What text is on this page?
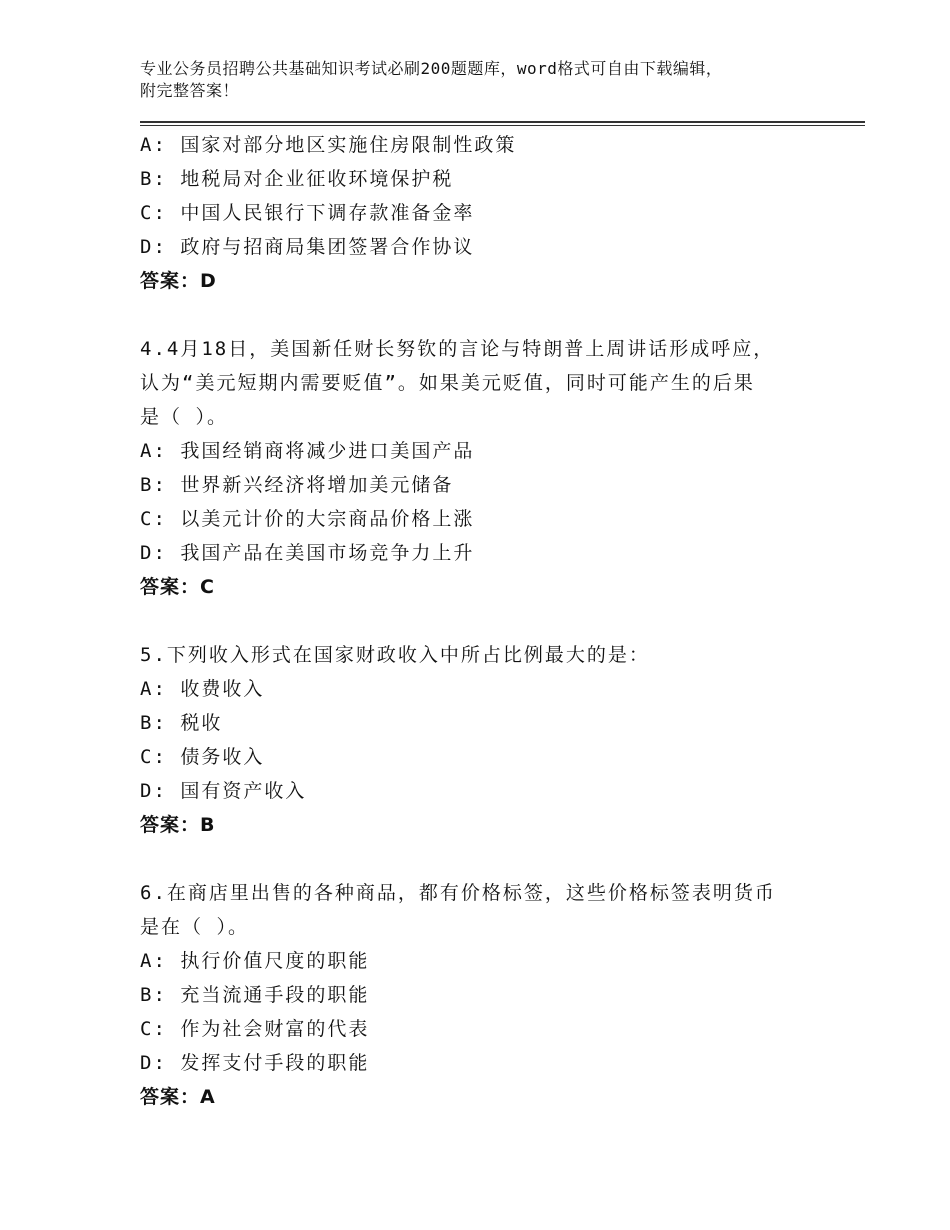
专业公务员招聘公共基础知识考试必刷200题题库，word格式可自由下载编辑，
附完整答案！
A: 国家对部分地区实施住房限制性政策
B: 地税局对企业征收环境保护税
C: 中国人民银行下调存款准备金率
D: 政府与招商局集团签署合作协议
答案：D
4.4月18日，美国新任财长努钦的言论与特朗普上周讲话形成呼应，
认为“美元短期内需要贬值”。如果美元贬值，同时可能产生的后果
是（ ）。
A: 我国经销商将减少进口美国产品
B: 世界新兴经济将增加美元储备
C: 以美元计价的大宗商品价格上涨
D: 我国产品在美国市场竞争力上升
答案：C
5.下列收入形式在国家财政收入中所占比例最大的是：
A: 收费收入
B: 税收
C: 债务收入
D: 国有资产收入
答案：B
6.在商店里出售的各种商品，都有价格标签，这些价格标签表明货币
是在（ ）。
A: 执行价值尺度的职能
B: 充当流通手段的职能
C: 作为社会财富的代表
D: 发挥支付手段的职能
答案：A
